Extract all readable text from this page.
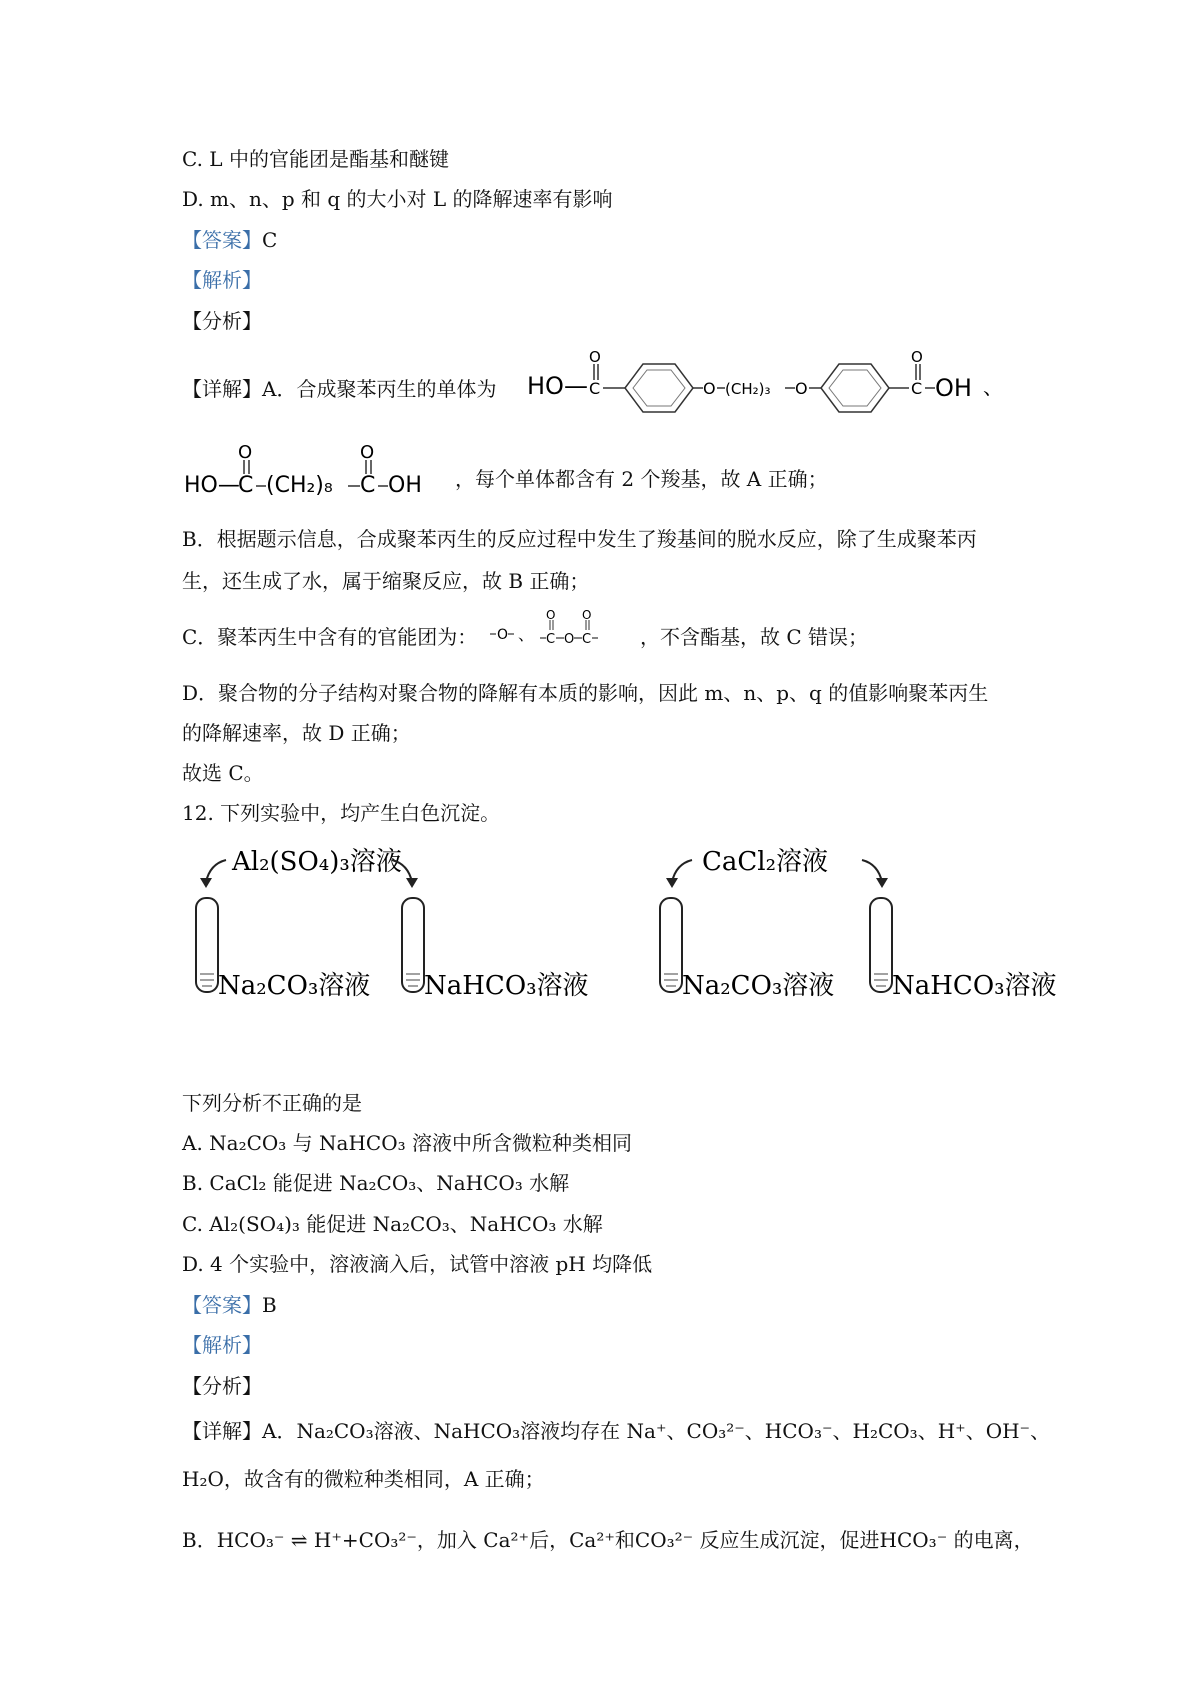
C. L 中的官能团是酯基和醚键
D. m、n、p 和 q 的大小对 L 的降解速率有影响
【答案】C
【解析】
【分析】
【详解】A．合成聚苯丙生的单体为 HO— C
O
O (CH₂)₃ O	C
O
OH 、
HO—
C
O
(CH₂)₈ C
O
OH ，每个单体都含有 2 个羧基，故 A 正确；
B．根据题示信息，合成聚苯丙生的反应过程中发生了羧基间的脱水反应，除了生成聚苯丙
生，还生成了水，属于缩聚反应，故 B 正确；
C．聚苯丙生中含有的官能团为： O 、 C
O
O C
O
，不含酯基，故 C 错误；
D．聚合物的分子结构对聚合物的降解有本质的影响，因此 m、n、p、q 的值影响聚苯丙生
的降解速率，故 D 正确；
故选 C。
12. 下列实验中，均产生白色沉淀。
Al₂(SO₄)₃溶液
Na₂CO₃溶液 NaHCO₃溶液
CaCl₂溶液
Na₂CO₃溶液 NaHCO₃溶液
下列分析不正确的是
A. Na₂CO₃ 与 NaHCO₃ 溶液中所含微粒种类相同
B. CaCl₂ 能促进 Na₂CO₃、NaHCO₃ 水解
C. Al₂(SO₄)₃ 能促进 Na₂CO₃、NaHCO₃ 水解
D. 4 个实验中，溶液滴入后，试管中溶液 pH 均降低
【答案】B
【解析】
【分析】
【详解】A．Na₂CO₃溶液、NaHCO₃溶液均存在 Na⁺、CO₃²⁻、HCO₃⁻、H₂CO₃、H⁺、OH⁻、
H₂O，故含有的微粒种类相同，A 正确；
B．HCO₃⁻ ⇌ H⁺+CO₃²⁻，加入 Ca²⁺后，Ca²⁺和CO₃²⁻ 反应生成沉淀，促进HCO₃⁻ 的电离，
